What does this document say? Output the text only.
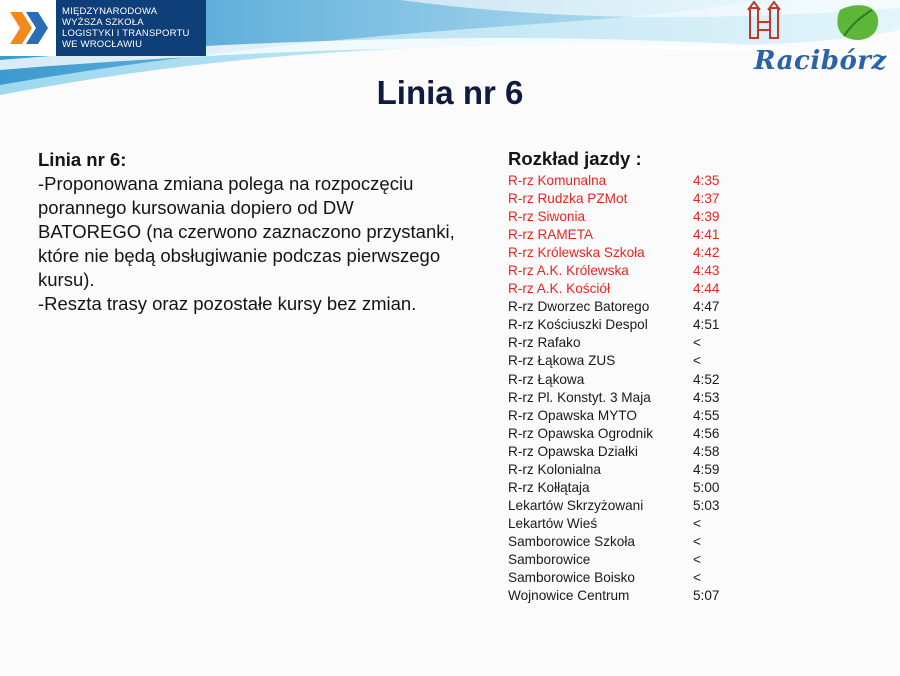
MIĘDZYNARODOWA
WYŻSZA SZKOŁA
LOGISTYKI I TRANSPORTU
WE WROCŁAWIU
Racibórz
Linia nr 6

Linia nr 6:

-Proponowana zmiana polega na rozpoczęciu porannego kursowania dopiero od DW BATOREGO (na czerwono zaznaczono przystanki, które nie będą obsługiwanie podczas pierwszego kursu).

-Reszta trasy oraz pozostałe kursy bez zmian.

Rozkład jazdy :
R-rz Komunalna	4:35
R-rz Rudzka PZMot	4:37
R-rz Siwonia	4:39
R-rz RAMETA	4:41
R-rz Królewska Szkoła	4:42
R-rz A.K. Królewska	4:43
R-rz A.K. Kościół	4:44
R-rz Dworzec Batorego	4:47
R-rz Kościuszki Despol	4:51
R-rz Rafako	<
R-rz Łąkowa ZUS	<
R-rz Łąkowa	4:52
R-rz Pl. Konstyt. 3 Maja	4:53
R-rz Opawska MYTO	4:55
R-rz Opawska Ogrodnik	4:56
R-rz Opawska Działki	4:58
R-rz Kolonialna	4:59
R-rz Kołłątaja	5:00
Lekartów Skrzyżowani	5:03
Lekartów Wieś	<
Samborowice Szkoła	<
Samborowice	<
Samborowice Boisko	<
Wojnowice Centrum	5:07
